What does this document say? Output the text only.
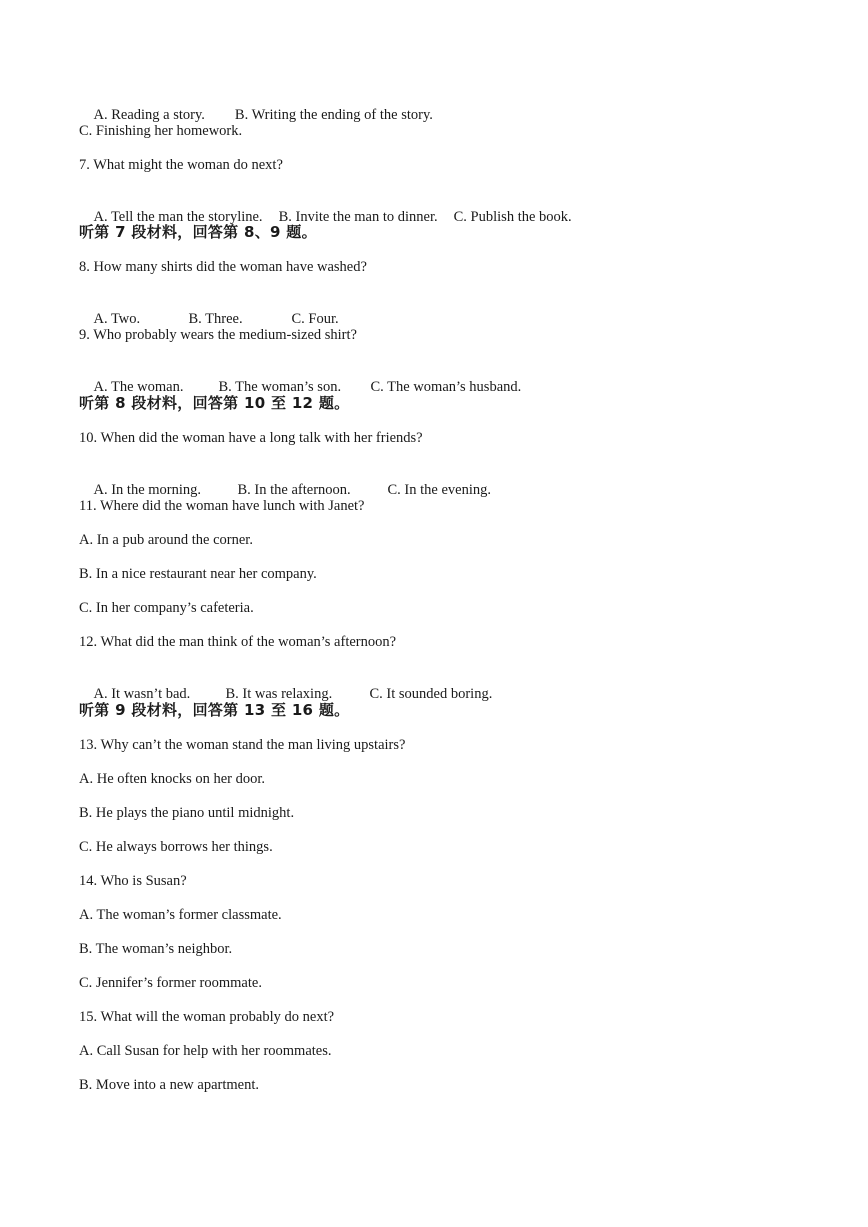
A. Reading a story. B. Writing the ending of the story.

C. Finishing her homework.
7. What might the woman do next?

A. Tell the man the storyline. B. Invite the man to dinner. C. Publish the book.

听第 7 段材料，回答第 8、9 题。
8. How many shirts did the woman have washed?

A. Two.	B. Three.	C. Four.

9. Who probably wears the medium-sized shirt?

A. The woman. B. The woman’s son. C. The woman’s husband.

听第 8 段材料，回答第 10 至 12 题。
10. When did the woman have a long talk with her friends?

A. In the morning.	B. In the afternoon.	C. In the evening.

11. Where did the woman have lunch with Janet?
A. In a pub around the corner.
B. In a nice restaurant near her company.
C. In her company’s cafeteria.
12. What did the man think of the woman’s afternoon?

A. It wasn’t bad. B. It was relaxing.	C. It sounded boring.

听第 9 段材料，回答第 13 至 16 题。
13. Why can’t the woman stand the man living upstairs?
A. He often knocks on her door.
B. He plays the piano until midnight.
C. He always borrows her things.
14. Who is Susan?
A. The woman’s former classmate.
B. The woman’s neighbor.
C. Jennifer’s former roommate.
15. What will the woman probably do next?
A. Call Susan for help with her roommates.
B. Move into a new apartment.
